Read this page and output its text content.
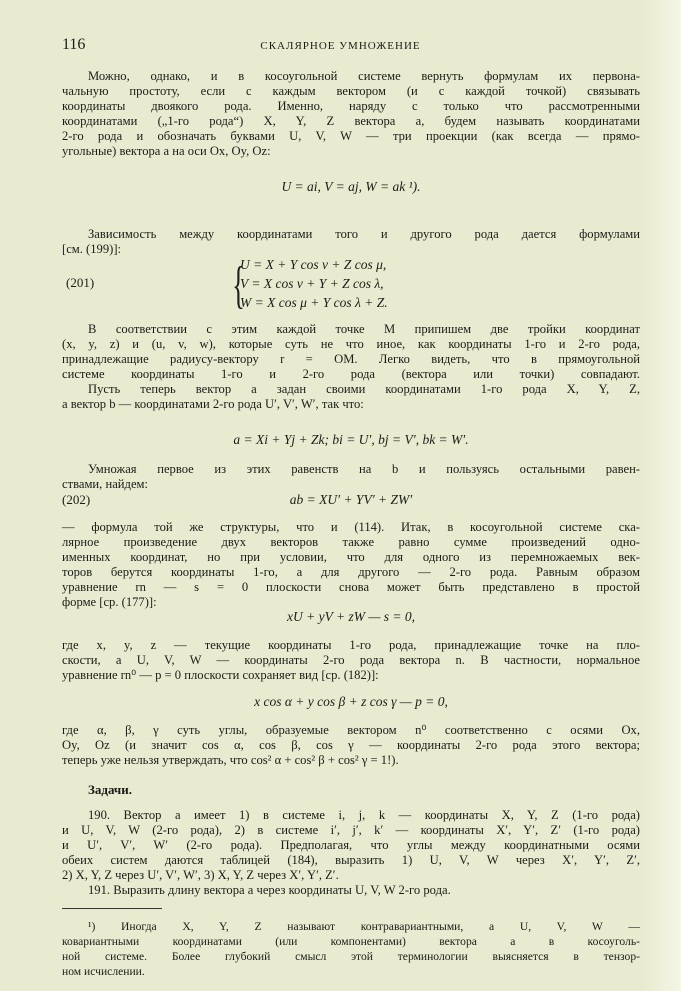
116	СКАЛЯРНОЕ УМНОЖЕНИЕ
Можно, однако, и в косоугольной системе вернуть формулам их первона-
чальную простоту, если с каждым вектором (и с каждой точкой) связывать
координаты двоякого рода. Именно, наряду с только что рассмотренными
координатами („1-го рода“) X, Y, Z вектора a, будем называть координатами
2-го рода и обозначать буквами U, V, W — три проекции (как всегда — прямо-
угольные) вектора a на оси Ox, Oy, Oz:
U = ai, V = aj, W = ak ¹).
Зависимость между координатами того и другого рода дается формулами
[см. (199)]:
(201)	{
U = X + Y cos ν + Z cos μ,
V = X cos ν + Y + Z cos λ,
W = X cos μ + Y cos λ + Z.
В соответствии с этим каждой точке M припишем две тройки координат
(x, y, z) и (u, v, w), которые суть не что иное, как координаты 1-го и 2-го рода,
принадлежащие радиусу-вектору r = OM. Легко видеть, что в прямоугольной
системе координаты 1-го и 2-го рода (вектора или точки) совпадают.
Пусть теперь вектор a задан своими координатами 1-го рода X, Y, Z,
а вектор b — координатами 2-го рода U′, V′, W′, так что:
a = Xi + Yj + Zk; bi = U′, bj = V′, bk = W′.
Умножая первое из этих равенств на b и пользуясь остальными равен-
ствами, найдем:
(202)	ab = XU′ + YV′ + ZW′
— формула той же структуры, что и (114). Итак, в косоугольной системе ска-
лярное произведение двух векторов также равно сумме произведений одно-
именных координат, но при условии, что для одного из перемножаемых век-
торов берутся координаты 1-го, а для другого — 2-го рода. Равным образом
уравнение rn — s = 0 плоскости снова может быть представлено в простой
форме [ср. (177)]:
xU + yV + zW — s = 0,
где x, y, z — текущие координаты 1-го рода, принадлежащие точке на пло-
скости, а U, V, W — координаты 2-го рода вектора n. В частности, нормальное
уравнение rn⁰ — p = 0 плоскости сохраняет вид [ср. (182)]:
x cos α + y cos β + z cos γ — p = 0,
где α, β, γ суть углы, образуемые вектором n⁰ соответственно с осями Ox,
Oy, Oz (и значит cos α, cos β, cos γ — координаты 2-го рода этого вектора;
теперь уже нельзя утверждать, что cos² α + cos² β + cos² γ = 1!).
Задачи.
190. Вектор a имеет 1) в системе i, j, k — координаты X, Y, Z (1-го рода)
и U, V, W (2-го рода), 2) в системе i′, j′, k′ — координаты X′, Y′, Z′ (1-го рода)
и U′, V′, W′ (2-го рода). Предполагая, что углы между координатными осями
обеих систем даются таблицей (184), выразить 1) U, V, W через X′, Y′, Z′,
2) X, Y, Z через U′, V′, W′, 3) X, Y, Z через X′, Y′, Z′.
191. Выразить длину вектора a через координаты U, V, W 2-го рода.
¹) Иногда X, Y, Z называют контравариантными, а U, V, W —
ковариантными координатами (или компонентами) вектора a в косоуголь-
ной системе. Более глубокий смысл этой терминологии выясняется в тензор-
ном исчислении.
